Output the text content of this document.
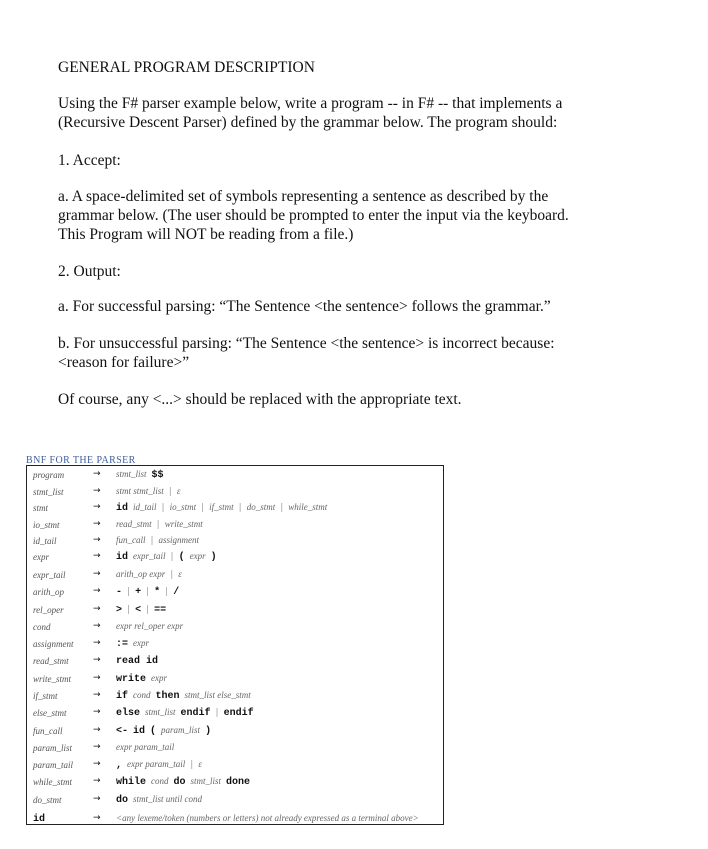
GENERAL PROGRAM DESCRIPTION
Using the F# parser example below, write a program -- in F# -- that implements a
(Recursive Descent Parser) defined by the grammar below. The program should:
1. Accept:
a. A space-delimited set of symbols representing a sentence as described by the
grammar below. (The user should be prompted to enter the input via the keyboard.
This Program will NOT be reading from a file.)
2. Output:
a. For successful parsing: “The Sentence <the sentence> follows the grammar.”
b. For unsuccessful parsing: “The Sentence <the sentence> is incorrect because:
<reason for failure>”
Of course, any <...> should be replaced with the appropriate text.
BNF FOR THE PARSER
program	→ stmt_list $$
stmt_list	→ stmt stmt_list | ε
stmt	→ id id_tail | io_stmt | if_stmt | do_stmt | while_stmt
io_stmt	→ read_stmt | write_stmt
id_tail	→ fun_call | assignment
expr	→ id expr_tail | ( expr )
expr_tail	→ arith_op expr | ε
arith_op	→ - | + | * | /
rel_oper	→ > | < | ==
cond	→ expr rel_oper expr
assignment → := expr
read_stmt	→ read id
write_stmt → write expr
if_stmt	→ if cond then stmt_list else_stmt
else_stmt	→ else stmt_list endif | endif
fun_call	→ <- id ( param_list )
param_list → expr param_tail
param_tail → , expr param_tail | ε
while_stmt → while cond do stmt_list done
do_stmt	→ do stmt_list until cond
id	→ <any lexeme/token (numbers or letters) not already expressed as a terminal above>
